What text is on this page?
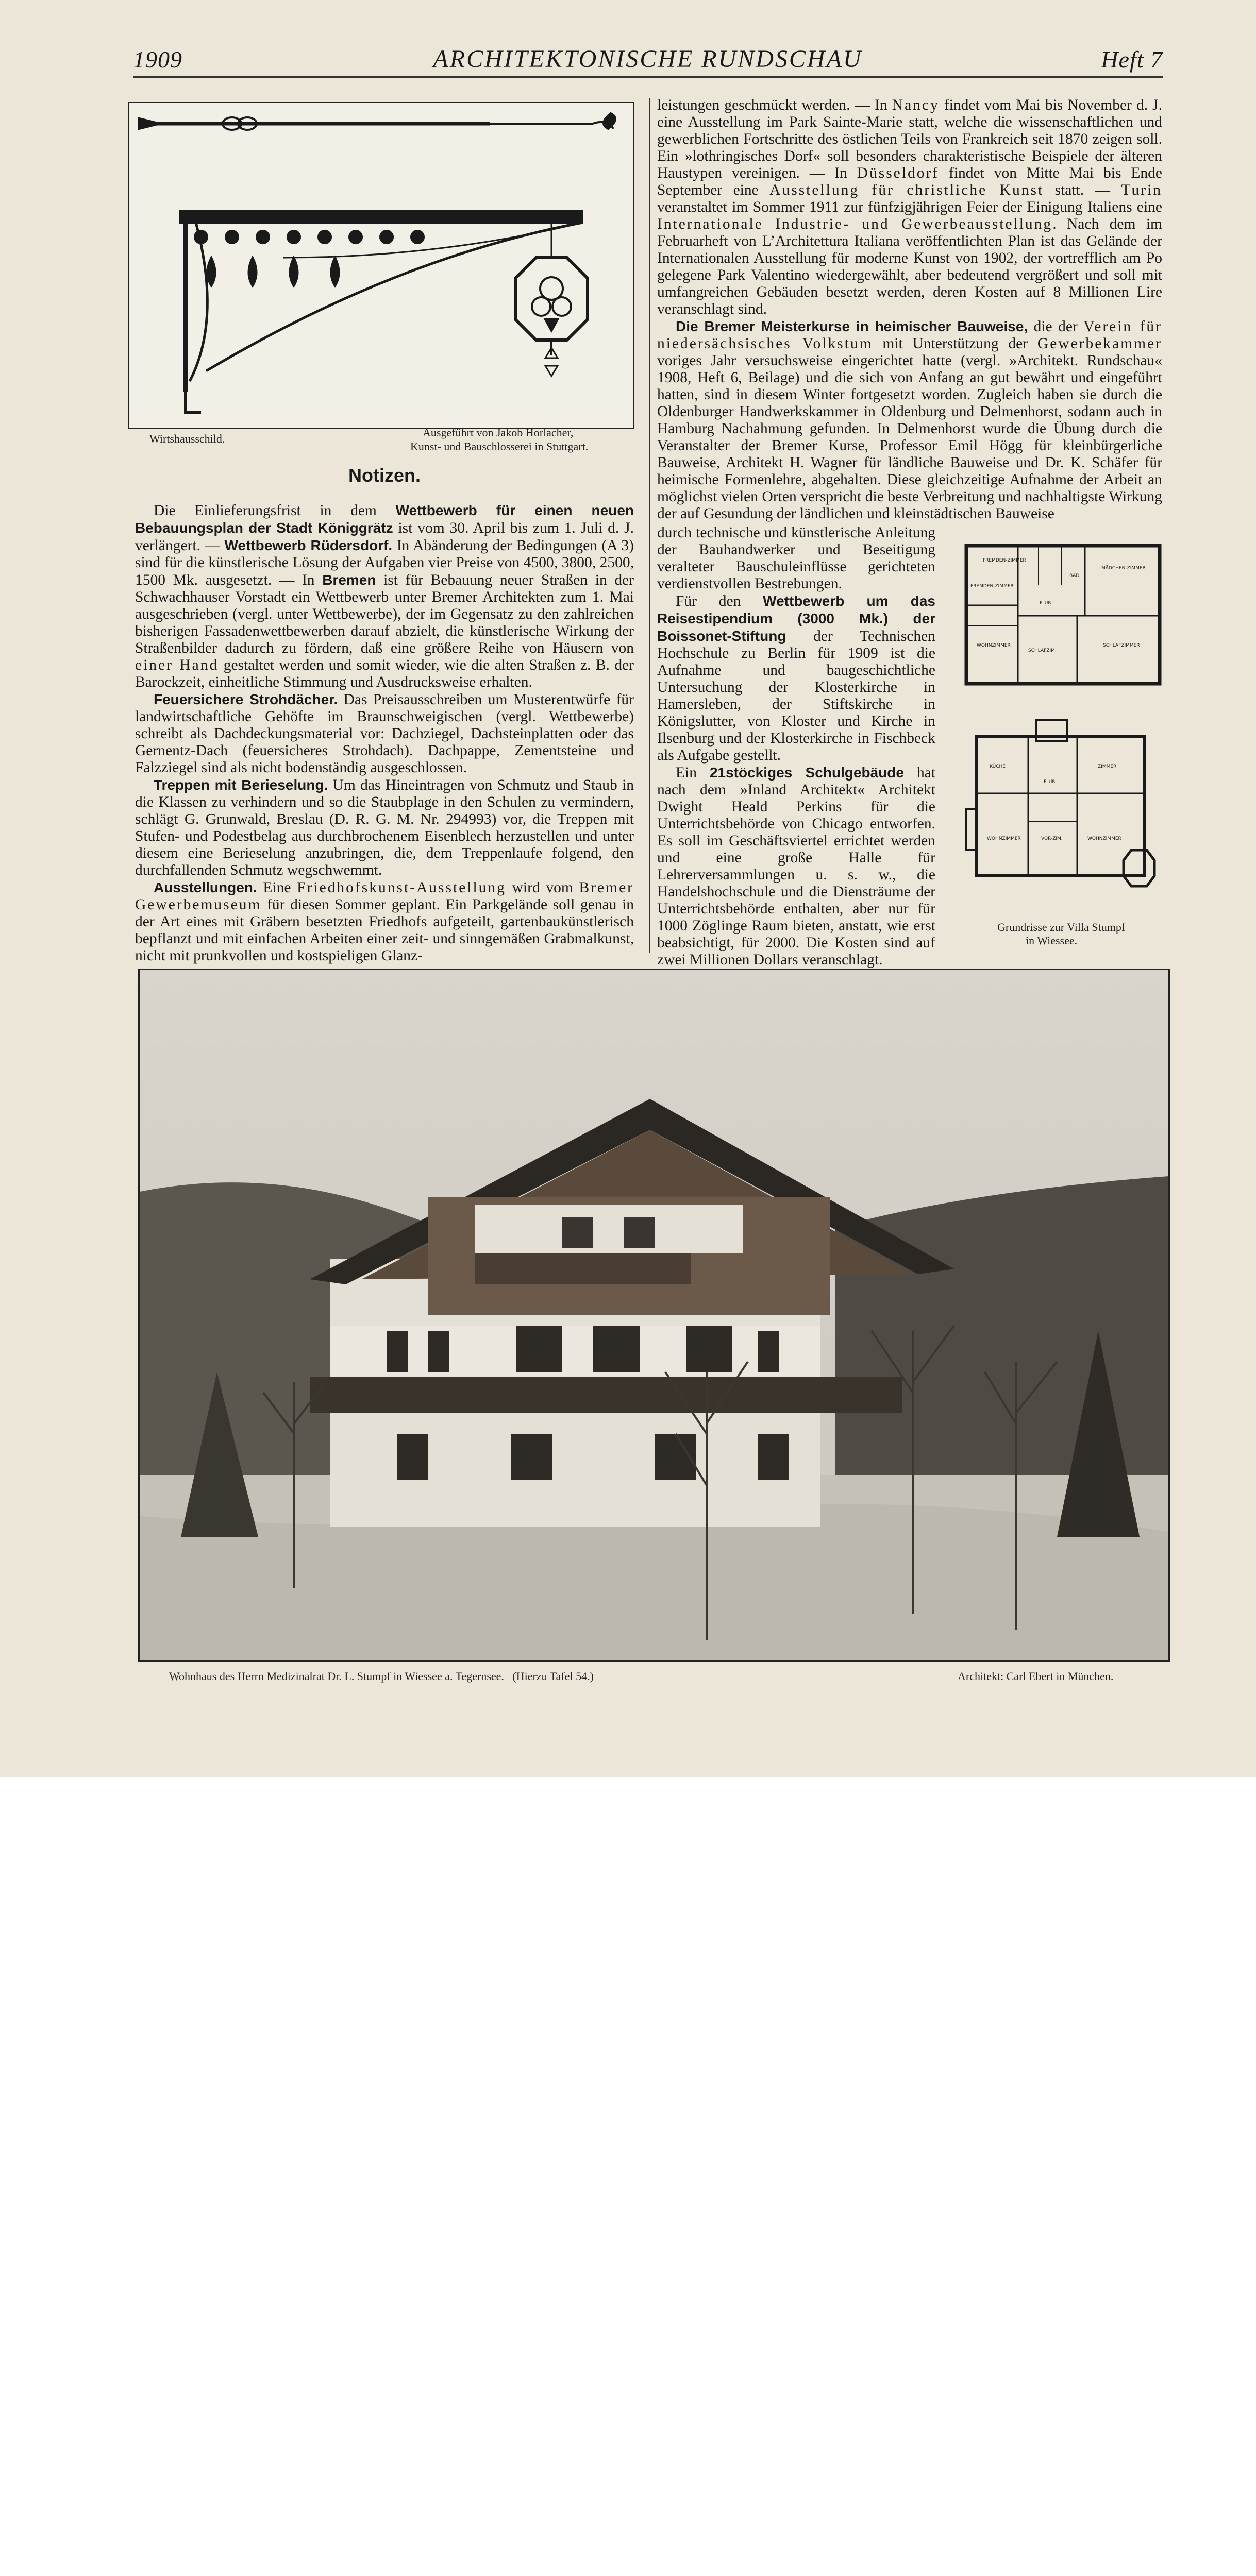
1909	ARCHITEKTONISCHE RUNDSCHAU	Heft 7
Wirtshausschild.	Ausgeführt von Jakob Horlacher,
Kunst- und Bauschlosserei in Stuttgart.
Notizen.

Die Einlieferungsfrist in dem Wettbewerb für einen neuen Bebauungsplan der Stadt Königgrätz ist vom 30. April bis zum 1. Juli d. J. verlängert. — Wettbewerb Rüdersdorf. In Abänderung der Bedingungen (A 3) sind für die künstlerische Lösung der Aufgaben vier Preise von 4500, 3800, 2500, 1500 Mk. ausgesetzt. — In Bremen ist für Bebauung neuer Straßen in der Schwachhauser Vorstadt ein Wettbewerb unter Bremer Architekten zum 1. Mai ausgeschrieben (vergl. unter Wettbewerbe), der im Gegensatz zu den zahlreichen bisherigen Fassadenwettbewerben darauf abzielt, die künstlerische Wirkung der Straßenbilder dadurch zu fördern, daß eine größere Reihe von Häusern von einer Hand gestaltet werden und somit wieder, wie die alten Straßen z. B. der Barockzeit, einheitliche Stimmung und Ausdrucksweise erhalten.

Feuersichere Strohdächer. Das Preisausschreiben um Musterentwürfe für landwirtschaftliche Gehöfte im Braunschweigischen (vergl. Wettbewerbe) schreibt als Dachdeckungsmaterial vor: Dachziegel, Dachsteinplatten oder das Gernentz-Dach (feuersicheres Strohdach). Dachpappe, Zementsteine und Falzziegel sind als nicht bodenständig ausgeschlossen.

Treppen mit Berieselung. Um das Hineintragen von Schmutz und Staub in die Klassen zu verhindern und so die Staubplage in den Schulen zu vermindern, schlägt G. Grunwald, Breslau (D. R. G. M. Nr. 294993) vor, die Treppen mit Stufen- und Podestbelag aus durchbrochenem Eisenblech herzustellen und unter diesem eine Berieselung anzubringen, die, dem Treppenlaufe folgend, den durchfallenden Schmutz wegschwemmt.

Ausstellungen. Eine Friedhofskunst-Ausstellung wird vom Bremer Gewerbemuseum für diesen Sommer geplant. Ein Parkgelände soll genau in der Art eines mit Gräbern besetzten Friedhofs aufgeteilt, gartenbaukünstlerisch bepflanzt und mit einfachen Arbeiten einer zeit- und sinngemäßen Grabmalkunst, nicht mit prunkvollen und kostspieligen Glanz-

leistungen geschmückt werden. — In Nancy findet vom Mai bis November d. J. eine Ausstellung im Park Sainte-Marie statt, welche die wissenschaftlichen und gewerblichen Fortschritte des östlichen Teils von Frankreich seit 1870 zeigen soll. Ein »lothringisches Dorf« soll besonders charakteristische Beispiele der älteren Haustypen vereinigen. — In Düsseldorf findet von Mitte Mai bis Ende September eine Ausstellung für christliche Kunst statt. — Turin veranstaltet im Sommer 1911 zur fünfzigjährigen Feier der Einigung Italiens eine Internationale Industrie- und Gewerbeausstellung. Nach dem im Februarheft von L’Architettura Italiana veröffentlichten Plan ist das Gelände der Internationalen Ausstellung für moderne Kunst von 1902, der vortrefflich am Po gelegene Park Valentino wiedergewählt, aber bedeutend vergrößert und soll mit umfangreichen Gebäuden besetzt werden, deren Kosten auf 8 Millionen Lire veranschlagt sind.

Die Bremer Meisterkurse in heimischer Bauweise, die der Verein für niedersächsisches Volkstum mit Unterstützung der Gewerbekammer voriges Jahr versuchsweise eingerichtet hatte (vergl. »Architekt. Rundschau« 1908, Heft 6, Beilage) und die sich von Anfang an gut bewährt und eingeführt hatten, sind in diesem Winter fortgesetzt worden. Zugleich haben sie durch die Oldenburger Handwerkskammer in Oldenburg und Delmenhorst, sodann auch in Hamburg Nachahmung gefunden. In Delmenhorst wurde die Übung durch die Veranstalter der Bremer Kurse, Professor Emil Högg für kleinbürgerliche Bauweise, Architekt H. Wagner für ländliche Bauweise und Dr. K. Schäfer für heimische Formenlehre, abgehalten. Diese gleichzeitige Aufnahme der Arbeit an möglichst vielen Orten verspricht die beste Verbreitung und nachhaltigste Wirkung der auf Gesundung der ländlichen und kleinstädtischen Bauweise

durch technische und künstlerische Anleitung der Bauhandwerker und Beseitigung veralteter Bauschuleinflüsse gerichteten verdienstvollen Bestrebungen.

Für den Wettbewerb um das Reisestipendium (3000 Mk.) der Boissonet-Stiftung der Technischen Hochschule zu Berlin für 1909 ist die Aufnahme und baugeschichtliche Untersuchung der Klosterkirche in Hamersleben, der Stiftskirche in Königslutter, von Kloster und Kirche in Ilsenburg und der Klosterkirche in Fischbeck als Aufgabe gestellt.

Ein 21stöckiges Schulgebäude hat nach dem »Inland Architekt« Architekt Dwight Heald Perkins für die Unterrichtsbehörde von Chicago entworfen. Es soll im Geschäftsviertel errichtet werden und eine große Halle für Lehrerversammlungen u. s. w., die Handelshochschule und die Diensträume der Unterrichtsbehörde enthalten, aber nur für 1000 Zöglinge Raum bieten, anstatt, wie erst beabsichtigt, für 2000. Die Kosten sind auf zwei Millionen Dollars veranschlagt.

FREMDEN-ZIMMER
MÄDCHEN-ZIMMER
BAD
FLUR
FREMDEN-ZIMMER
WOHNZIMMER
SCHLAFZIM.
SCHLAFZIMMER
KÜCHE	ZIMMER
FLUR
VOR-ZIM.
WOHNZIMMER	WOHNZIMMER
Grundrisse zur Villa Stumpf
in Wiessee.
Wohnhaus des Herrn Medizinalrat Dr. L. Stumpf in Wiessee a. Tegernsee.   (Hierzu Tafel 54.)	Architekt: Carl Ebert in München.
